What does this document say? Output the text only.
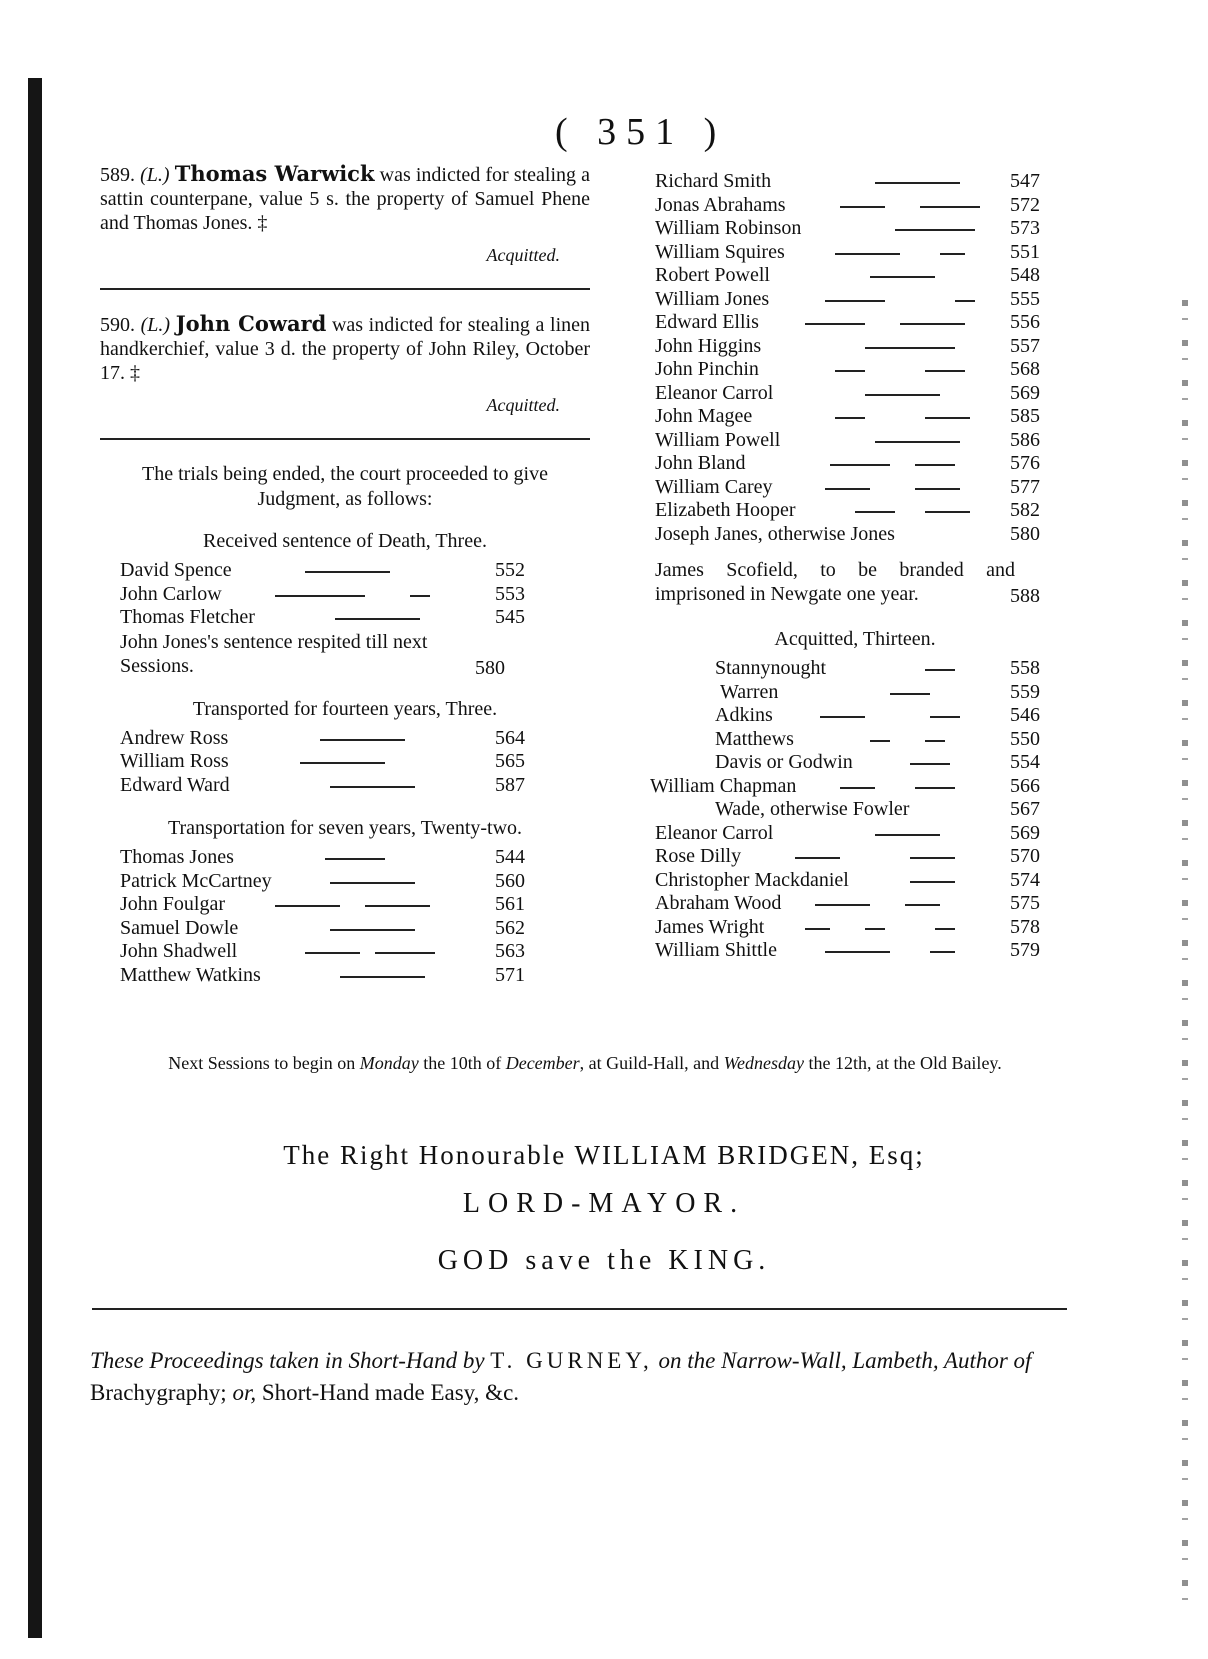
( 351 )
589. (L.) Thomas Warwick was indicted for stealing a sattin counterpane, value 5 s. the property of Samuel Phene and Thomas Jones. ‡
Acquitted.
590. (L.) John Coward was indicted for stealing a linen handkerchief, value 3 d. the property of John Riley, October 17. ‡
Acquitted.
The trials being ended, the court proceeded to give Judgment, as follows:
Received sentence of Death, Three.
David Spence	552
John Carlow	553
Thomas Fletcher	545
John Jones's sentence respited till next Sessions.	580
Transported for fourteen years, Three.
Andrew Ross	564
William Ross	565
Edward Ward	587
Transportation for seven years, Twenty-two.
Thomas Jones	544
Patrick McCartney	560
John Foulgar	561
Samuel Dowle	562
John Shadwell	563
Matthew Watkins	571
Richard Smith	547
Jonas Abrahams	572
William Robinson	573
William Squires	551
Robert Powell	548
William Jones	555
Edward Ellis	556
John Higgins	557
John Pinchin	568
Eleanor Carrol	569
John Magee	585
William Powell	586
John Bland	576
William Carey	577
Elizabeth Hooper	582
Joseph Janes, otherwise Jones	580
James Scofield, to be branded and imprisoned in Newgate one year.	588
Acquitted, Thirteen.
Stannynought	558
Warren	559
Adkins	546
Matthews	550
Davis or Godwin	554
William Chapman	566
Wade, otherwise Fowler	567
Eleanor Carrol	569
Rose Dilly	570
Christopher Mackdaniel	574
Abraham Wood	575
James Wright	578
William Shittle	579
Next Sessions to begin on Monday the 10th of December, at Guild-Hall, and Wednesday the 12th, at the Old Bailey.
The Right Honourable WILLIAM BRIDGEN, Esq;
LORD-MAYOR.
GOD save the KING.
These Proceedings taken in Short-Hand by T. GURNEY, on the Narrow-Wall, Lambeth, Author of Brachygraphy; or, Short-Hand made Easy, &c.
